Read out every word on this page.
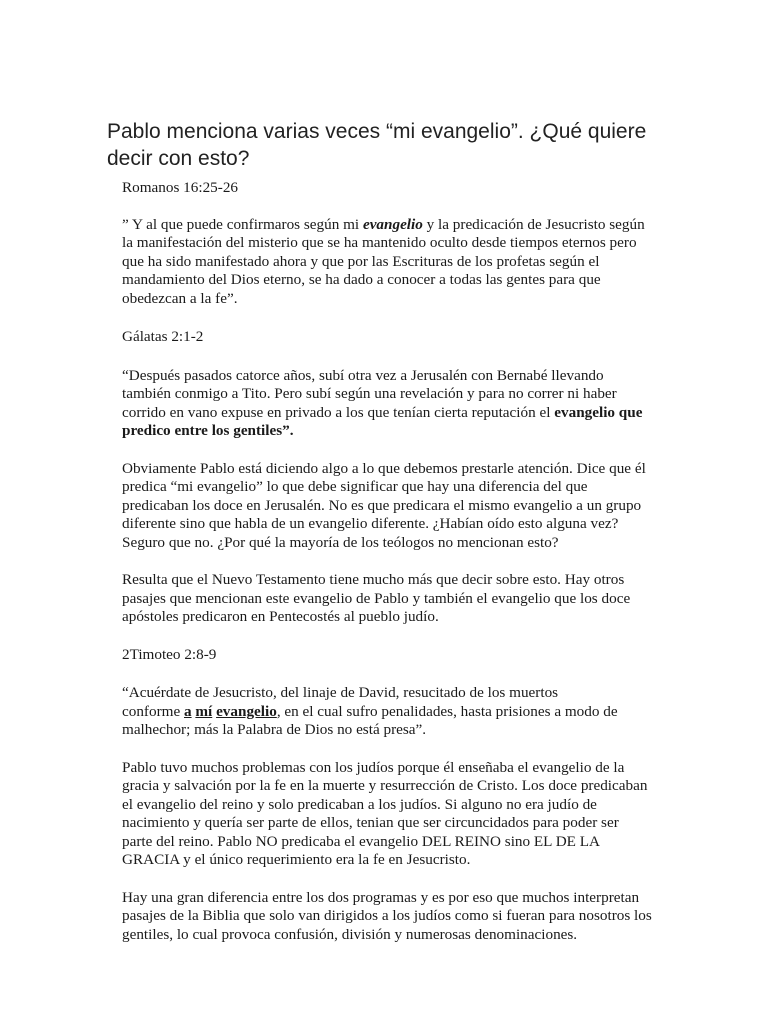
Pablo menciona varias veces “mi evangelio”. ¿Qué quiere decir con esto?

Romanos 16:25-26

” Y al que puede confirmaros según mi evangelio y la predicación de Jesucristo según la manifestación del misterio que se ha mantenido oculto desde tiempos eternos pero que ha sido manifestado ahora y que por las Escrituras de los profetas según el mandamiento del Dios eterno, se ha dado a conocer a todas las gentes para que obedezcan a la fe”.

Gálatas 2:1-2

“Después pasados catorce años, subí otra vez a Jerusalén con Bernabé llevando también conmigo a Tito. Pero subí según una revelación y para no correr ni haber corrido en vano expuse en privado a los que tenían cierta reputación el evangelio que predico entre los gentiles”.

Obviamente Pablo está diciendo algo a lo que debemos prestarle atención. Dice que él predica “mi evangelio” lo que debe significar que hay una diferencia del que predicaban los doce en Jerusalén. No es que predicara el mismo evangelio a un grupo diferente sino que habla de un evangelio diferente. ¿Habían oído esto alguna vez? Seguro que no. ¿Por qué la mayoría de los teólogos no mencionan esto?

Resulta que el Nuevo Testamento tiene mucho más que decir sobre esto. Hay otros pasajes que mencionan este evangelio de Pablo y también el evangelio que los doce apóstoles predicaron en Pentecostés al pueblo judío.

2Timoteo 2:8-9

“Acuérdate de Jesucristo, del linaje de David, resucitado de los muertos
conforme a mí evangelio, en el cual sufro penalidades, hasta prisiones a modo de malhechor; más la Palabra de Dios no está presa”.

Pablo tuvo muchos problemas con los judíos porque él enseñaba el evangelio de la gracia y salvación por la fe en la muerte y resurrección de Cristo. Los doce predicaban el evangelio del reino y solo predicaban a los judíos. Si alguno no era judío de nacimiento y quería ser parte de ellos, tenian que ser circuncidados para poder ser parte del reino. Pablo NO predicaba el evangelio DEL REINO sino EL DE LA GRACIA y el único requerimiento era la fe en Jesucristo.

Hay una gran diferencia entre los dos programas y es por eso que muchos interpretan pasajes de la Biblia que solo van dirigidos a los judíos como si fueran para nosotros los gentiles, lo cual provoca confusión, división y numerosas denominaciones.
